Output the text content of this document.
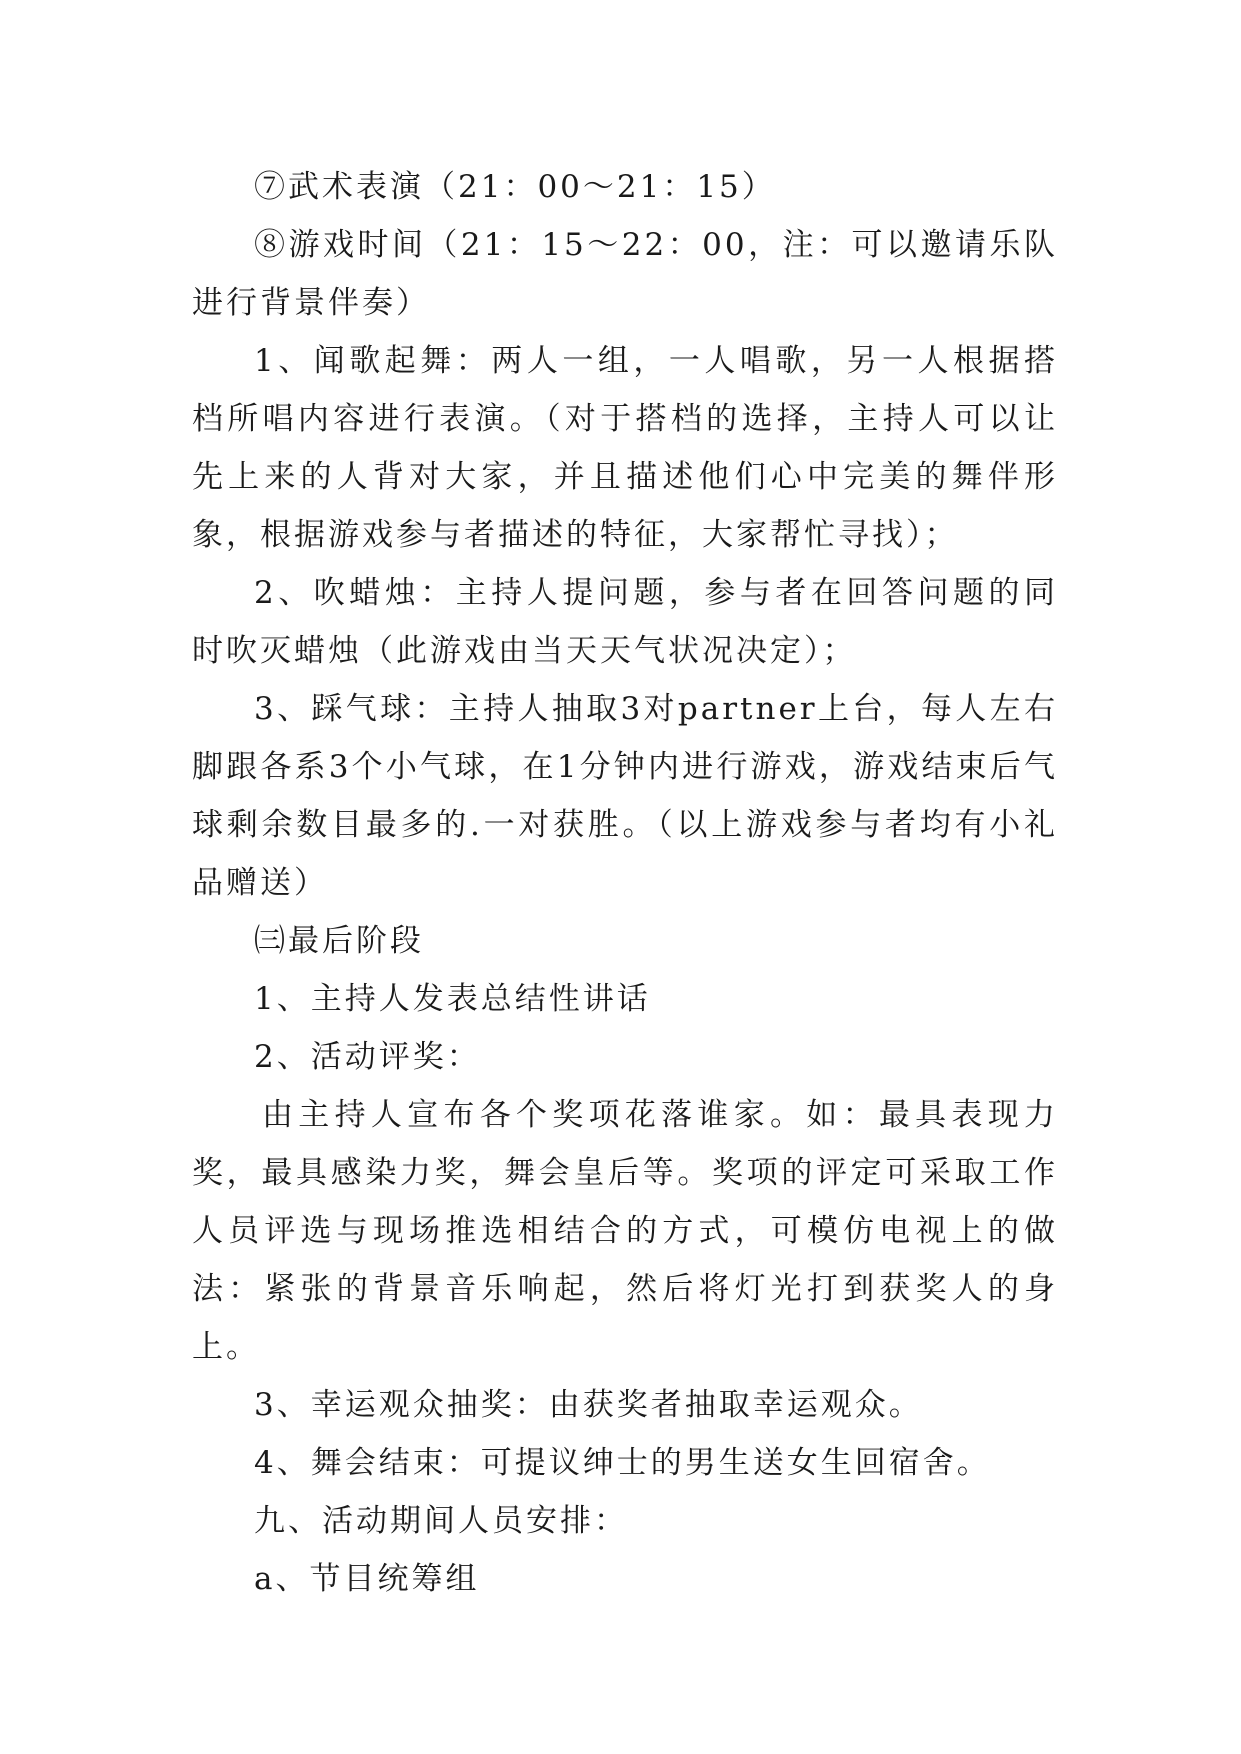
⑦武术表演（21：00～21：15）

⑧游戏时间（21：15～22：00，注：可以邀请乐队进行背景伴奏）

1、闻歌起舞：两人一组，一人唱歌，另一人根据搭档所唱内容进行表演。（对于搭档的选择，主持人可以让先上来的人背对大家，并且描述他们心中完美的舞伴形象，根据游戏参与者描述的特征，大家帮忙寻找）；

2、吹蜡烛：主持人提问题，参与者在回答问题的同时吹灭蜡烛（此游戏由当天天气状况决定）；

3、踩气球：主持人抽取3对partner上台，每人左右脚跟各系3个小气球，在1分钟内进行游戏，游戏结束后气球剩余数目最多的.一对获胜。（以上游戏参与者均有小礼品赠送）

㈢最后阶段

1、主持人发表总结性讲话

2、活动评奖：

由主持人宣布各个奖项花落谁家。如：最具表现力奖，最具感染力奖，舞会皇后等。奖项的评定可采取工作人员评选与现场推选相结合的方式，可模仿电视上的做法：紧张的背景音乐响起，然后将灯光打到获奖人的身上。

3、幸运观众抽奖：由获奖者抽取幸运观众。

4、舞会结束：可提议绅士的男生送女生回宿舍。

九、活动期间人员安排：

a、节目统筹组
